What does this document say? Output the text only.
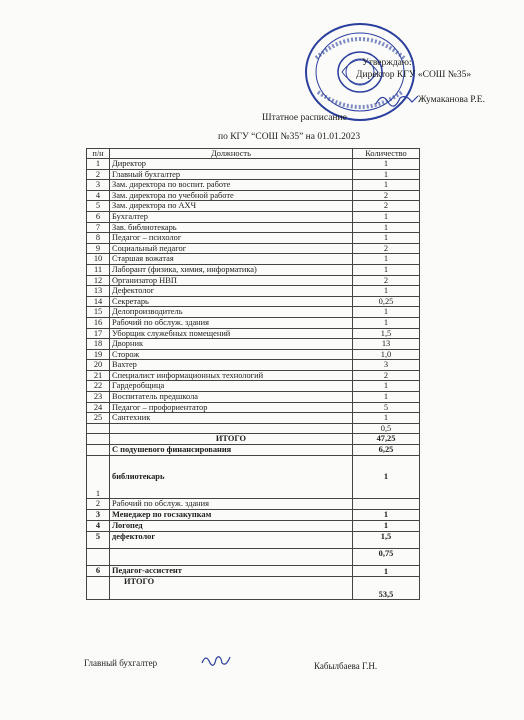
Утверждаю:
Директор КГУ «СОШ №35»
Жумаканова Р.Е.
Штатное расписание
по КГУ “СОШ №35” на 01.01.2023
п/н	Должность	Количество
1	Директор	1
2	Главный бухгалтер	1
3	Зам. директора по воспит. работе	1
4	Зам. директора по учебной работе	2
5	Зам. директора по АХЧ	2
6	Бухгалтер	1
7	Зав. библиотекарь	1
8	Педагог – психолог	1
9	Социальный педагог	2
10	Старшая вожатая	1
11	Лаборант (физика, химия, информатика)	1
12	Организатор НВП	2
13	Дефектолог	1
14	Секретарь	0,25
15	Делопроизводитель	1
16	Рабочий по обслуж. здания	1
17	Уборщик служебных помещений	1,5
18	Дворник	13
19	Сторож	1,0
20	Вахтер	3
21	Специалист информационных технологий	2
22	Гардеробщица	1
23	Воспитатель предшкола	1
24	Педагог – профориентатор	5
25	Сантехник	1
		0,5
	ИТОГО	47,25
	С подушевого финансирования	6,25
1	библиотекарь	1
2	Рабочий по обслуж. здания	
3	Менеджер по госзакупкам	1
4	Логопед	1
5	дефектолог	1,5
		0,75
6	Педагог-ассистент	1
	ИТОГО	53,5
Главный бухгалтер	Кабылбаева Г.Н.
